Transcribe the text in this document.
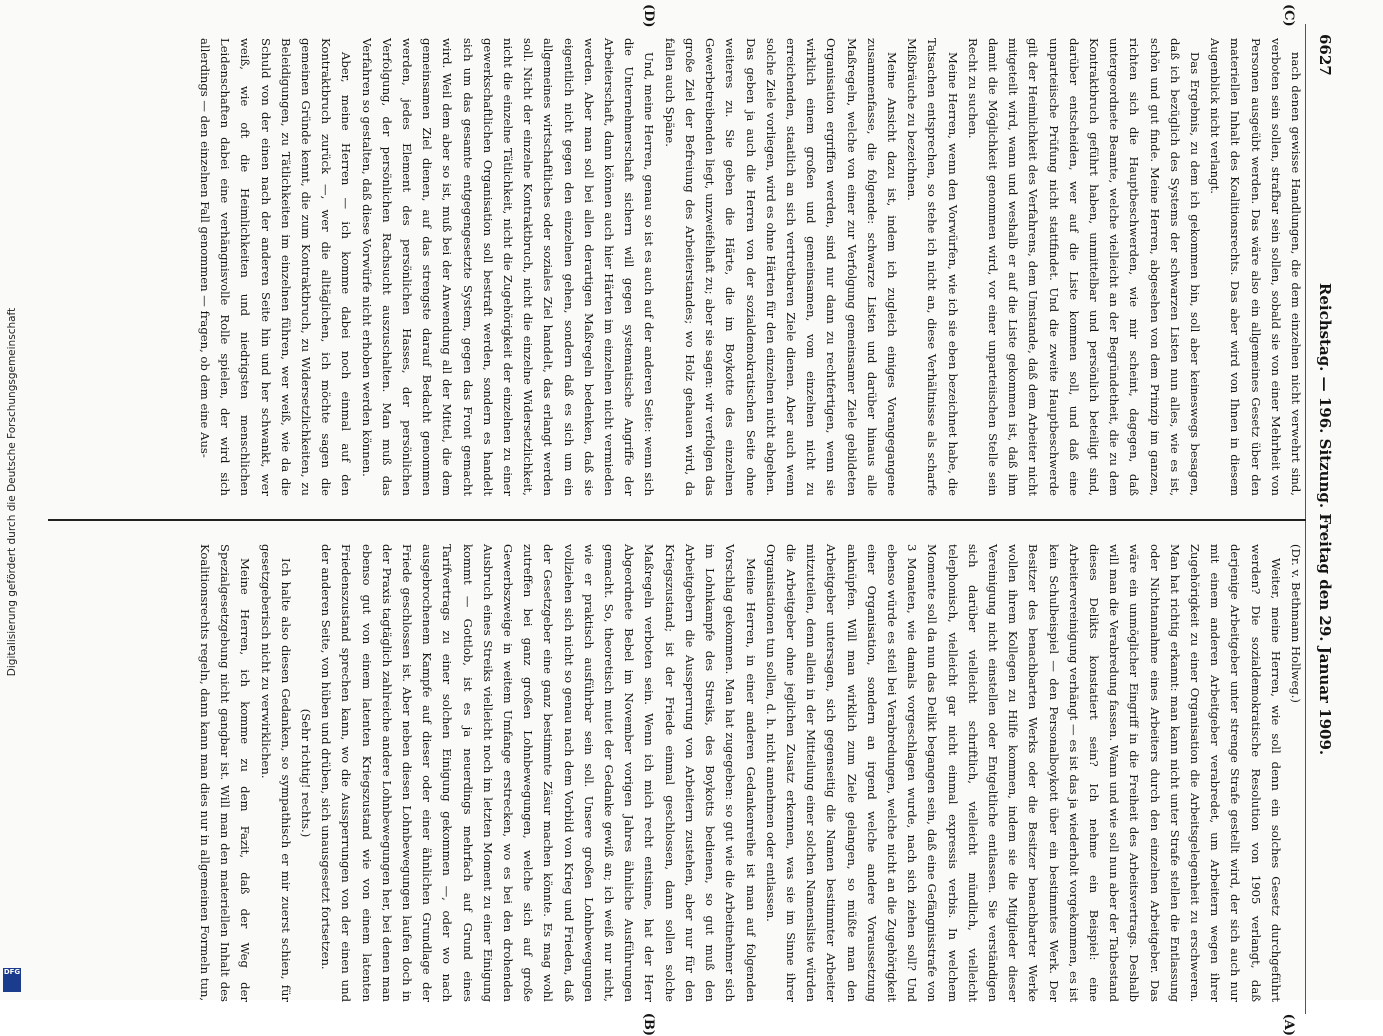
6627
Reichstag. — 196. Sitzung. Freitag den 29. Januar 1909.
(C)
(D)
(A)
(B)

nach denen gewisse Handlungen, die dem einzelnen nicht verwehrt sind, verboten sein sollen, strafbar sein sollen, sobald sie von einer Mehrheit von Personen ausgeübt werden. Das wäre also ein allgemeines Gesetz über den materiellen Inhalt des Koalitionsrechts. Das aber wird von Ihnen in diesem Augenblick nicht verlangt.

Das Ergebnis, zu dem ich gekommen bin, soll aber keineswegs besagen, daß ich bezüglich des Systems der schwarzen Listen nun alles, wie es ist, schön und gut finde. Meine Herren, abgesehen von dem Prinzip im ganzen, richten sich die Hauptbeschwerden, wie mir scheint, dagegen, daß untergeordnete Beamte, welche vielleicht an der Begründetheit, die zu dem Kontraktbruch geführt haben, unmittelbar und persönlich beteiligt sind, darüber entscheiden, wer auf die Liste kommen soll, und daß eine unparteiische Prüfung nicht stattfindet. Und die zweite Hauptbeschwerde gilt der Heimlichkeit des Verfahrens, dem Umstande, daß dem Arbeiter nicht mitgeteilt wird, wann und weshalb er auf die Liste gekommen ist, daß ihm damit die Möglichkeit genommen wird, vor einer unparteiischen Stelle sein Recht zu suchen.

Meine Herren, wenn den Vorwürfen, wie ich sie eben bezeichnet habe, die Tatsachen entsprechen, so stehe ich nicht an, diese Verhältnisse als scharfe Mißbräuche zu bezeichnen.

Meine Ansicht dazu ist, indem ich zugleich einiges Vorangegangene zusammenfasse, die folgende: schwarze Listen und darüber hinaus alle Maßregeln, welche von einer zur Verfolgung gemeinsamer Ziele gebildeten Organisation ergriffen werden, sind nur dann zu rechtfertigen, wenn sie wirklich einem großen und gemeinsamen, vom einzelnen nicht zu erreichenden, staatlich an sich vertretbaren Ziele dienen. Aber auch wenn solche Ziele vorliegen, wird es ohne Härten für den einzelnen nicht abgehen. Das geben ja auch die Herren von der sozialdemokratischen Seite ohne weiteres zu. Sie geben die Härte, die im Boykotte des einzelnen Gewerbetreibenden liegt, unzweifelhaft zu; aber sie sagen: wir verfolgen das große Ziel der Befreiung des Arbeiterstandes; wo Holz gehauen wird, da fallen auch Späne.

Und, meine Herren, genau so ist es auch auf der anderen Seite: wenn sich die Unternehmerschaft sichern will gegen systematische Angriffe der Arbeiterschaft, dann können auch hier Härten im einzelnen nicht vermieden werden. Aber man soll bei allen derartigen Maßregeln bedenken, daß sie eigentlich nicht gegen den einzelnen gehen, sondern daß es sich um ein allgemeines wirtschaftliches oder soziales Ziel handelt, das erlangt werden soll. Nicht der einzelne Kontraktbruch, nicht die einzelne Widersetzlichkeit, nicht die einzelne Tätlichkeit, nicht die Zugehörigkeit der einzelnen zu einer gewerkschaftlichen Organisation soll bestraft werden, sondern es handelt sich um das gesamte entgegengesetzte System, gegen das Front gemacht wird. Weil dem aber so ist, muß bei der Anwendung all der Mittel, die dem gemeinsamen Ziel dienen, auf das strengste darauf Bedacht genommen werden, jedes Element des persönlichen Hasses, der persönlichen Verfolgung, der persönlichen Rachsucht auszuschalten. Man muß das Verfahren so gestalten, daß diese Vorwürfe nicht erhoben werden können.

Aber, meine Herren — ich komme dabei noch einmal auf den Kontraktbruch zurück —, wer die alltäglichen, ich möchte sagen die gemeinen Gründe kennt, die zum Kontraktbruch, zu Widersetzlichkeiten, zu Beleidigungen, zu Tätlichkeiten im einzelnen führen, wer weiß, wie da die Schuld von der einen nach der anderen Seite hin und her schwankt, wer weiß, wie oft die Heimlichkeiten und niedrigsten menschlichen Leidenschaften dabei eine verhängnisvolle Rolle spielen, der wird sich allerdings — den einzelnen Fall genommen — fragen, ob dem eine Aus-

(Dr. v. Bethmann Hollweg.)

Weiter, meine Herren, wie soll denn ein solches Gesetz durchgeführt werden? Die sozialdemokratische Resolution von 1905 verlangt, daß derjenige Arbeitgeber unter strenge Strafe gestellt wird, der sich auch nur mit einem anderen Arbeitgeber verabredet, um Arbeitern wegen ihrer Zugehörigkeit zu einer Organisation die Arbeitsgelegenheit zu erschweren. Man hat richtig erkannt: man kann nicht unter Strafe stellen die Entlassung oder Nichtannahme eines Arbeiters durch den einzelnen Arbeitgeber. Das wäre ein unmöglicher Eingriff in die Freiheit des Arbeitsvertrags. Deshalb will man die Verabredung fassen. Wann und wie soll nun aber der Tatbestand dieses Delikts konstatiert sein? Ich nehme ein Beispiel: eine Arbeitervereinigung verhängt — es ist das ja wiederholt vorgekommen, es ist kein Schulbeispiel — den Personalboykott über ein bestimmtes Werk. Der Besitzer des benachbarten Werks oder die Besitzer benachbarter Werke wollen ihrem Kollegen zu Hilfe kommen, indem sie die Mitglieder dieser Vereinigung nicht einstellen oder Entgeltliche entlassen. Sie verständigen sich darüber vielleicht schriftlich, vielleicht mündlich, vielleicht telephonisch, vielleicht gar nicht einmal expressis verbis. In welchem Momente soll da nun das Delikt begangen sein, daß eine Gefängnisstrafe von 3 Monaten, wie damals vorgeschlagen wurde, nach sich ziehen soll? Und ebenso würde es steil bei Verabredungen, welche nicht an die Zugehörigkeit einer Organisation, sondern an irgend welche andere Voraussetzung anknüpfen. Will man wirklich zum Ziele gelangen, so müßte man den Arbeitgeber untersagen, sich gegenseitig die Namen bestimmter Arbeiter mitzuteilen, denn allein in der Mitteilung einer solchen Namensliste würden die Arbeitgeber ohne jeglichen Zusatz erkennen, was sie im Sinne ihrer Organisationen tun sollen, d. h. nicht annehmen oder entlassen.

Meine Herren, in einer anderen Gedankenreihe ist man auf folgenden Vorschlag gekommen. Man hat zugegeben: so gut wie die Arbeitnehmer sich im Lohnkampfe des Streiks, des Boykotts bedienen, so gut muß den Arbeitgebern die Aussperrung von Arbeitern zustehen, aber nur für den Kriegszustand; ist der Friede einmal geschlossen, dann sollen solche Maßregeln verboten sein. Wenn ich mich recht entsinne, hat der Herr Abgeordnete Bebel im November vorigen Jahres ähnliche Ausführungen gemacht. So, theoretisch mutet der Gedanke gewiß an; ich weiß nur nicht, wie er praktisch ausführbar sein soll. Unsere großen Lohnbewegungen vollziehen sich nicht so genau nach dem Vorbild von Krieg und Frieden, daß der Gesetzgeber eine ganz bestimmte Zäsur machen könnte. Es mag wohl zutreffen bei ganz großen Lohnbewegungen, welche sich auf große Gewerbszweige in weitem Umfange erstrecken, wo es bei den drohenden Ausbruch eines Streiks vielleicht noch im letzten Moment zu einer Einigung kommt — Gottlob, ist es ja neuerdings mehrfach auf Grund eines Tarifvertrags zu einer solchen Einigung gekommen —, oder wo nach ausgebrochenem Kampfe auf dieser oder einer ähnlichen Grundlage der Friede geschlossen ist. Aber neben diesen Lohnbewegungen laufen doch in der Praxis tagtäglich zahlreiche andere Lohnbewegungen her, bei denen man ebenso gut von einem latenten Kriegszustand wie von einem latenten Friedenszustand sprechen kann, wo die Aussperrungen von der einen und der anderen Seite, von hüben und drüben, sich unausgesetzt fortsetzen.

(Sehr richtig! rechts.)

Ich halte also diesen Gedanken, so sympathisch er mir zuerst schien, für gesetzgeberisch nicht zu verwirklichen.

Meine Herren, ich komme zu dem Fazit, daß der Weg der Spezialgesetzgebung nicht gangbar ist. Will man den materiellen Inhalt des Koalitionsrechts regeln, dann kann man dies nur in allgemeinen Formeln tun,

Digitalisierung gefördert durch die Deutsche Forschungsgemeinschaft
DFG
